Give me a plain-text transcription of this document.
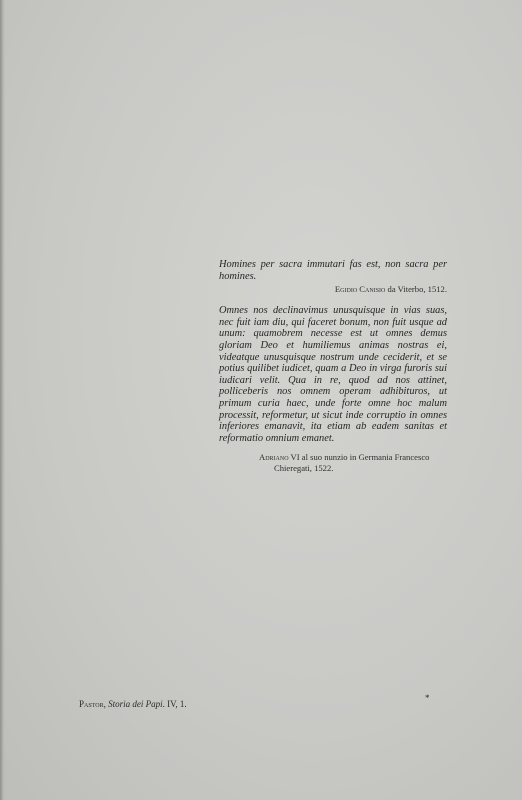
Homines per sacra immutari fas est, non sacra per homines.

Egidio Canisio da Viterbo, 1512.

Omnes nos declinavimus unusquisque in vias suas, nec fuit iam diu, qui faceret bonum, non fuit usque ad unum: quamobrem necesse est ut omnes demus gloriam Deo et humiliemus animas nostras ei, videatque unusquisque nostrum unde ceciderit, et se potius quilibet iudicet, quam a Deo in virga furoris sui iudicari velit. Qua in re, quod ad nos attinet, polliceberis nos omnem operam adhibituros, ut primum curia haec, unde forte omne hoc malum processit, reformetur, ut sicut inde corruptio in omnes inferiores emanavit, ita etiam ab eadem sanitas et reformatio omnium emanet.

Adriano VI al suo nunzio in Germania Francesco
Chieregati, 1522.

Pastor, Storia dei Papi. IV, 1.
*
